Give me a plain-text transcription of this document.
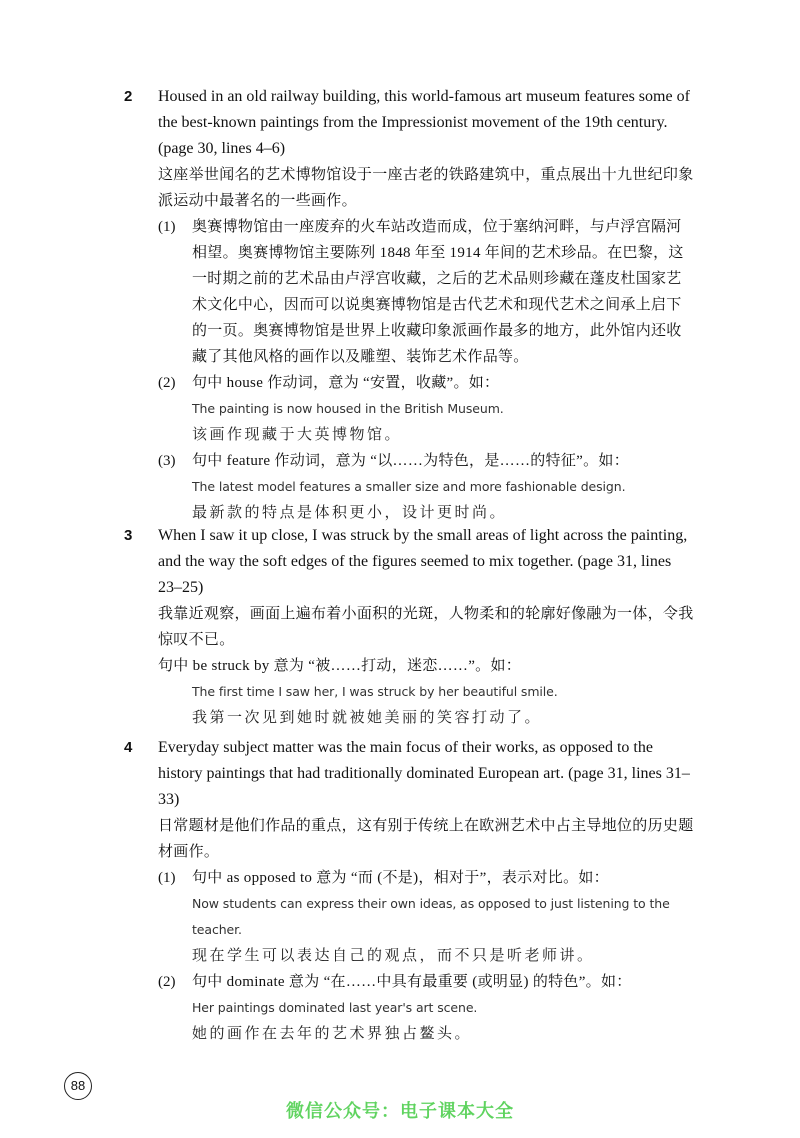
2 Housed in an old railway building, this world-famous art museum features some of the best-known paintings from the Impressionist movement of the 19th century. (page 30, lines 4–6)
这座举世闻名的艺术博物馆设于一座古老的铁路建筑中，重点展出十九世纪印象派运动中最著名的一些画作。
(1) 奥赛博物馆由一座废弃的火车站改造而成，位于塞纳河畔，与卢浮宫隔河相望。奥赛博物馆主要陈列 1848 年至 1914 年间的艺术珍品。在巴黎，这一时期之前的艺术品由卢浮宫收藏，之后的艺术品则珍藏在蓬皮杜国家艺术文化中心，因而可以说奥赛博物馆是古代艺术和现代艺术之间承上启下的一页。奥赛博物馆是世界上收藏印象派画作最多的地方，此外馆内还收藏了其他风格的画作以及雕塑、装饰艺术作品等。
(2) 句中 house 作动词，意为 “安置，收藏”。如：
The painting is now housed in the British Museum.
该画作现藏于大英博物馆。
(3) 句中 feature 作动词，意为 “以……为特色，是……的特征”。如：
The latest model features a smaller size and more fashionable design.
最新款的特点是体积更小，设计更时尚。
3 When I saw it up close, I was struck by the small areas of light across the painting, and the way the soft edges of the figures seemed to mix together. (page 31, lines 23–25)
我靠近观察，画面上遍布着小面积的光斑，人物柔和的轮廓好像融为一体，令我惊叹不已。
句中 be struck by 意为 “被……打动，迷恋……”。如：
The first time I saw her, I was struck by her beautiful smile.
我第一次见到她时就被她美丽的笑容打动了。
4 Everyday subject matter was the main focus of their works, as opposed to the history paintings that had traditionally dominated European art. (page 31, lines 31–33)
日常题材是他们作品的重点，这有别于传统上在欧洲艺术中占主导地位的历史题材画作。
(1) 句中 as opposed to 意为 “而 (不是)，相对于”，表示对比。如：
Now students can express their own ideas, as opposed to just listening to the teacher.
现在学生可以表达自己的观点，而不只是听老师讲。
(2) 句中 dominate 意为 “在……中具有最重要 (或明显) 的特色”。如：
Her paintings dominated last year's art scene.
她的画作在去年的艺术界独占鳌头。
88
微信公众号：电子课本大全
